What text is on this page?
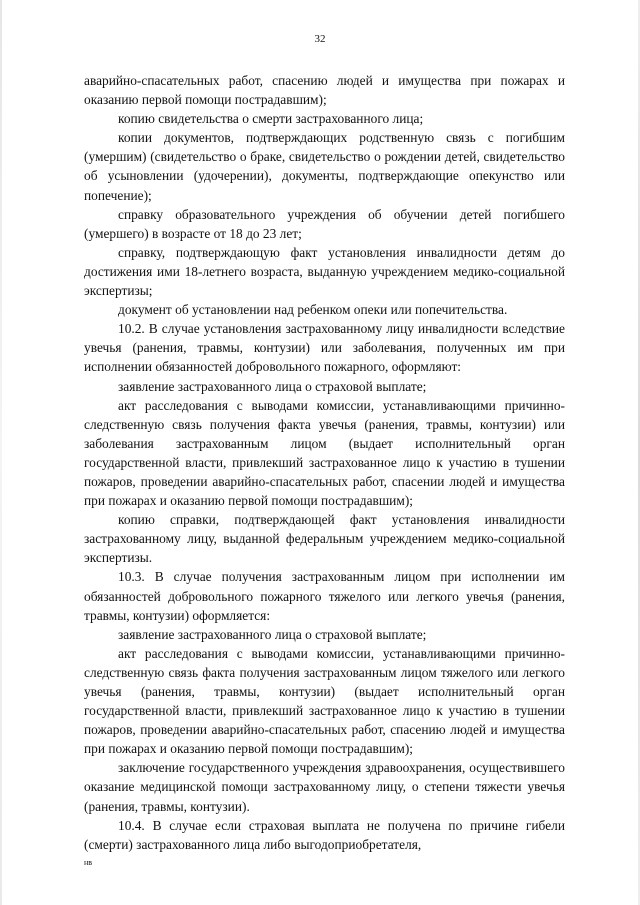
32

аварийно-спасательных работ, спасению людей и имущества при пожарах и оказанию первой помощи пострадавшим);

копию свидетельства о смерти застрахованного лица;

копии документов, подтверждающих родственную связь с погибшим (умершим) (свидетельство о браке, свидетельство о рождении детей, свидетельство об усыновлении (удочерении), документы, подтверждающие опекунство или попечение);

справку образовательного учреждения об обучении детей погибшего (умершего) в возрасте от 18 до 23 лет;

справку, подтверждающую факт установления инвалидности детям до достижения ими 18-летнего возраста, выданную учреждением медико-социальной экспертизы;

документ об установлении над ребенком опеки или попечительства.

10.2. В случае установления застрахованному лицу инвалидности вследствие увечья (ранения, травмы, контузии) или заболевания, полученных им при исполнении обязанностей добровольного пожарного, оформляют:

заявление застрахованного лица о страховой выплате;

акт расследования с выводами комиссии, устанавливающими причинно-следственную связь получения факта увечья (ранения, травмы, контузии) или заболевания застрахованным лицом (выдает исполнительный орган государственной власти, привлекший застрахованное лицо к участию в тушении пожаров, проведении аварийно-спасательных работ, спасении людей и имущества при пожарах и оказанию первой помощи пострадавшим);

копию справки, подтверждающей факт установления инвалидности застрахованному лицу, выданной федеральным учреждением медико-социальной экспертизы.

10.3. В случае получения застрахованным лицом при исполнении им обязанностей добровольного пожарного тяжелого или легкого увечья (ранения, травмы, контузии) оформляется:

заявление застрахованного лица о страховой выплате;

акт расследования с выводами комиссии, устанавливающими причинно-следственную связь факта получения застрахованным лицом тяжелого или легкого увечья (ранения, травмы, контузии) (выдает исполнительный орган государственной власти, привлекший застрахованное лицо к участию в тушении пожаров, проведении аварийно-спасательных работ, спасению людей и имущества при пожарах и оказанию первой помощи пострадавшим);

заключение государственного учреждения здравоохранения, осуществившего оказание медицинской помощи застрахованному лицу, о степени тяжести увечья (ранения, травмы, контузии).

10.4. В случае если страховая выплата не получена по причине гибели (смерти) застрахованного лица либо выгодоприобретателя,

нв
